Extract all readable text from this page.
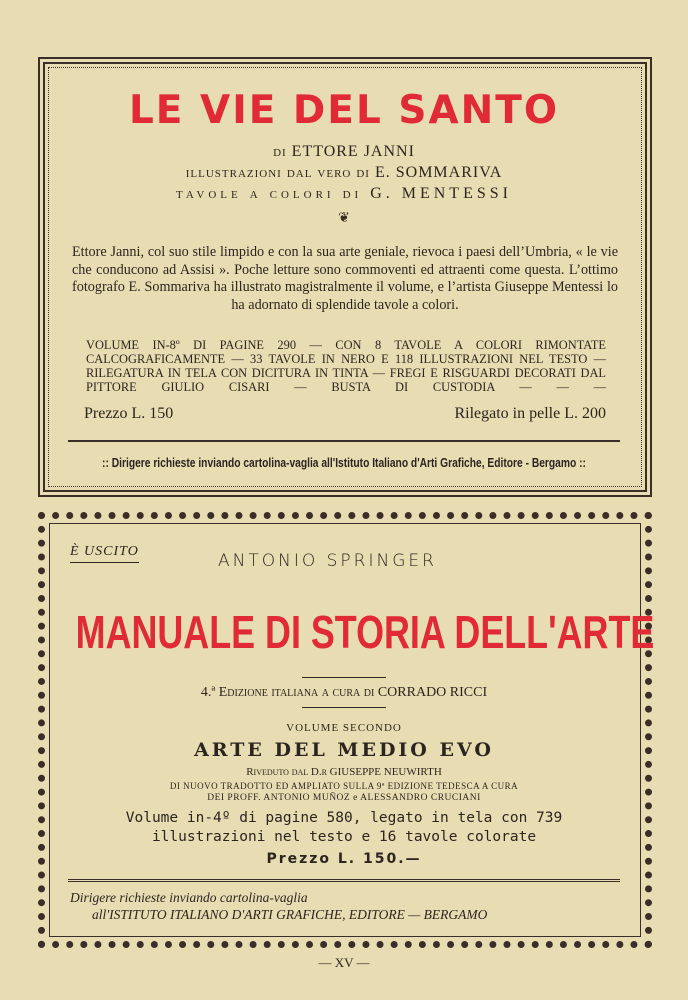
LE VIE DEL SANTO
di ETTORE JANNI
illustrazioni dal vero di E. SOMMARIVA
tavole a colori di G. MENTESSI
❦
Ettore Janni, col suo stile limpido e con la sua arte geniale, rievoca i paesi dell’Umbria, « le vie che conducono ad Assisi ». Poche letture sono commoventi ed attraenti come questa. L’ottimo fotografo E. Sommariva ha illustrato magistralmente il volume, e l’artista Giuseppe Mentessi lo ha adornato di splendide tavole a colori.
VOLUME IN-8º DI PAGINE 290 — CON 8 TAVOLE A COLORI RIMONTATE CALCOGRAFICAMENTE — 33 TAVOLE IN NERO E 118 ILLUSTRAZIONI NEL TESTO — RILEGATURA IN TELA CON DICITURA IN TINTA — FREGI E RISGUARDI DECORATI DAL PITTORE GIULIO CISARI — BUSTA DI CUSTODIA — — —
Prezzo L. 150	Rilegato in pelle L. 200
:: Dirigere richieste inviando cartolina-vaglia all'Istituto Italiano d'Arti Grafiche, Editore - Bergamo ::
È USCITO	ANTONIO SPRINGER
MANUALE DI STORIA DELL'ARTE
4.ª Edizione italiana a cura di CORRADO RICCI
VOLUME SECONDO
ARTE DEL MEDIO EVO
Riveduto dal D.r GIUSEPPE NEUWIRTH
DI NUOVO TRADOTTO ED AMPLIATO SULLA 9ª EDIZIONE TEDESCA A CURA
DEI PROFF. ANTONIO MUÑOZ e ALESSANDRO CRUCIANI
Volume in-4º di pagine 580, legato in tela con 739
illustrazioni nel testo e 16 tavole colorate
Prezzo L. 150.—
Dirigere richieste inviando cartolina-vaglia
all'ISTITUTO ITALIANO D'ARTI GRAFICHE, EDITORE — BERGAMO
— XV —
